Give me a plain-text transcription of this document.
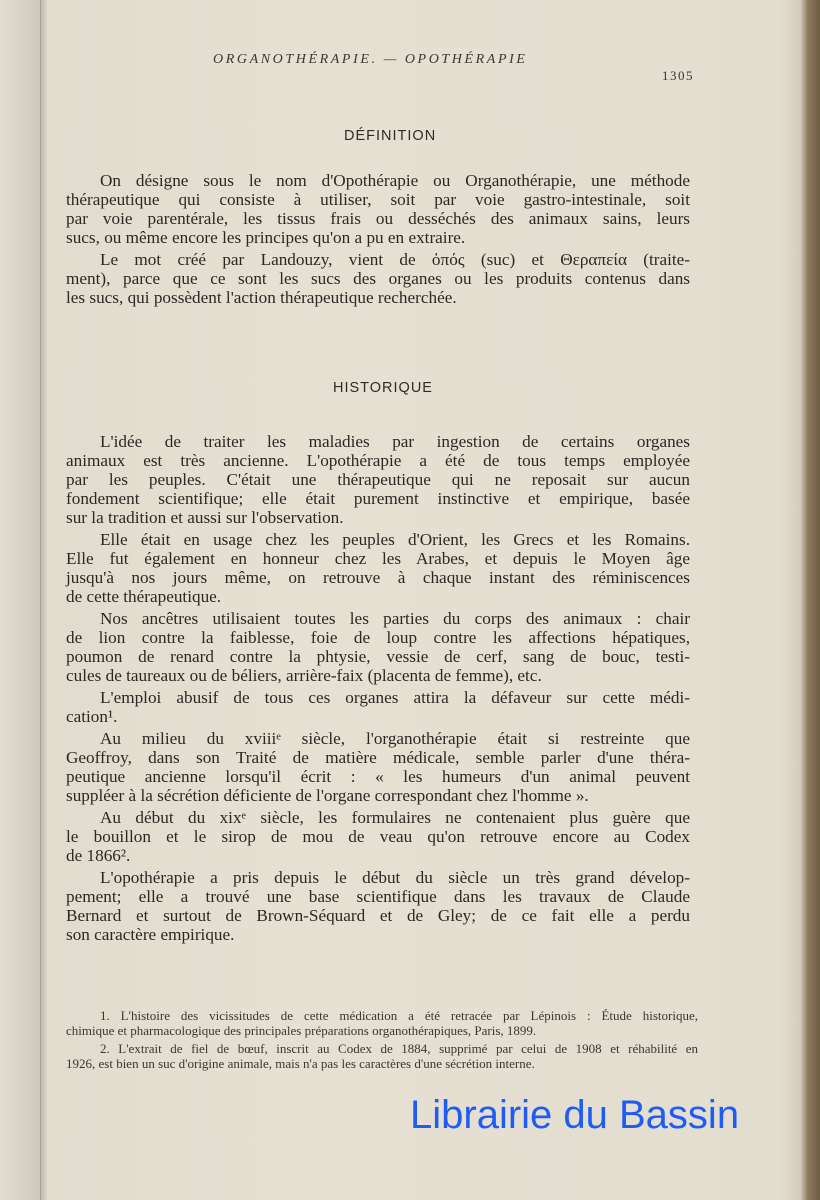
ORGANOTHÉRAPIE. — OPOTHÉRAPIE
1305
DÉFINITION
On désigne sous le nom d'Opothérapie ou Organothérapie, une méthode
thérapeutique qui consiste à utiliser, soit par voie gastro-intestinale, soit
par voie parentérale, les tissus frais ou desséchés des animaux sains, leurs
sucs, ou même encore les principes qu'on a pu en extraire.
Le mot créé par Landouzy, vient de ὀπός (suc) et Θεραπεία (traite-
ment), parce que ce sont les sucs des organes ou les produits contenus dans
les sucs, qui possèdent l'action thérapeutique recherchée.
HISTORIQUE
L'idée de traiter les maladies par ingestion de certains organes
animaux est très ancienne. L'opothérapie a été de tous temps employée
par les peuples. C'était une thérapeutique qui ne reposait sur aucun
fondement scientifique; elle était purement instinctive et empirique, basée
sur la tradition et aussi sur l'observation.
Elle était en usage chez les peuples d'Orient, les Grecs et les Romains.
Elle fut également en honneur chez les Arabes, et depuis le Moyen âge
jusqu'à nos jours même, on retrouve à chaque instant des réminiscences
de cette thérapeutique.
Nos ancêtres utilisaient toutes les parties du corps des animaux : chair
de lion contre la faiblesse, foie de loup contre les affections hépatiques,
poumon de renard contre la phtysie, vessie de cerf, sang de bouc, testi-
cules de taureaux ou de béliers, arrière-faix (placenta de femme), etc.
L'emploi abusif de tous ces organes attira la défaveur sur cette médi-
cation¹.
Au milieu du xviiiᵉ siècle, l'organothérapie était si restreinte que
Geoffroy, dans son Traité de matière médicale, semble parler d'une théra-
peutique ancienne lorsqu'il écrit : « les humeurs d'un animal peuvent
suppléer à la sécrétion déficiente de l'organe correspondant chez l'homme ».
Au début du xixᵉ siècle, les formulaires ne contenaient plus guère que
le bouillon et le sirop de mou de veau qu'on retrouve encore au Codex
de 1866².
L'opothérapie a pris depuis le début du siècle un très grand dévelop-
pement; elle a trouvé une base scientifique dans les travaux de Claude
Bernard et surtout de Brown-Séquard et de Gley; de ce fait elle a perdu
son caractère empirique.
1. L'histoire des vicissitudes de cette médication a été retracée par Lépinois : Étude historique,
chimique et pharmacologique des principales préparations organothérapiques, Paris, 1899.
2. L'extrait de fiel de bœuf, inscrit au Codex de 1884, supprimé par celui de 1908 et réhabilité en
1926, est bien un suc d'origine animale, mais n'a pas les caractères d'une sécrétion interne.
Librairie du Bassin
